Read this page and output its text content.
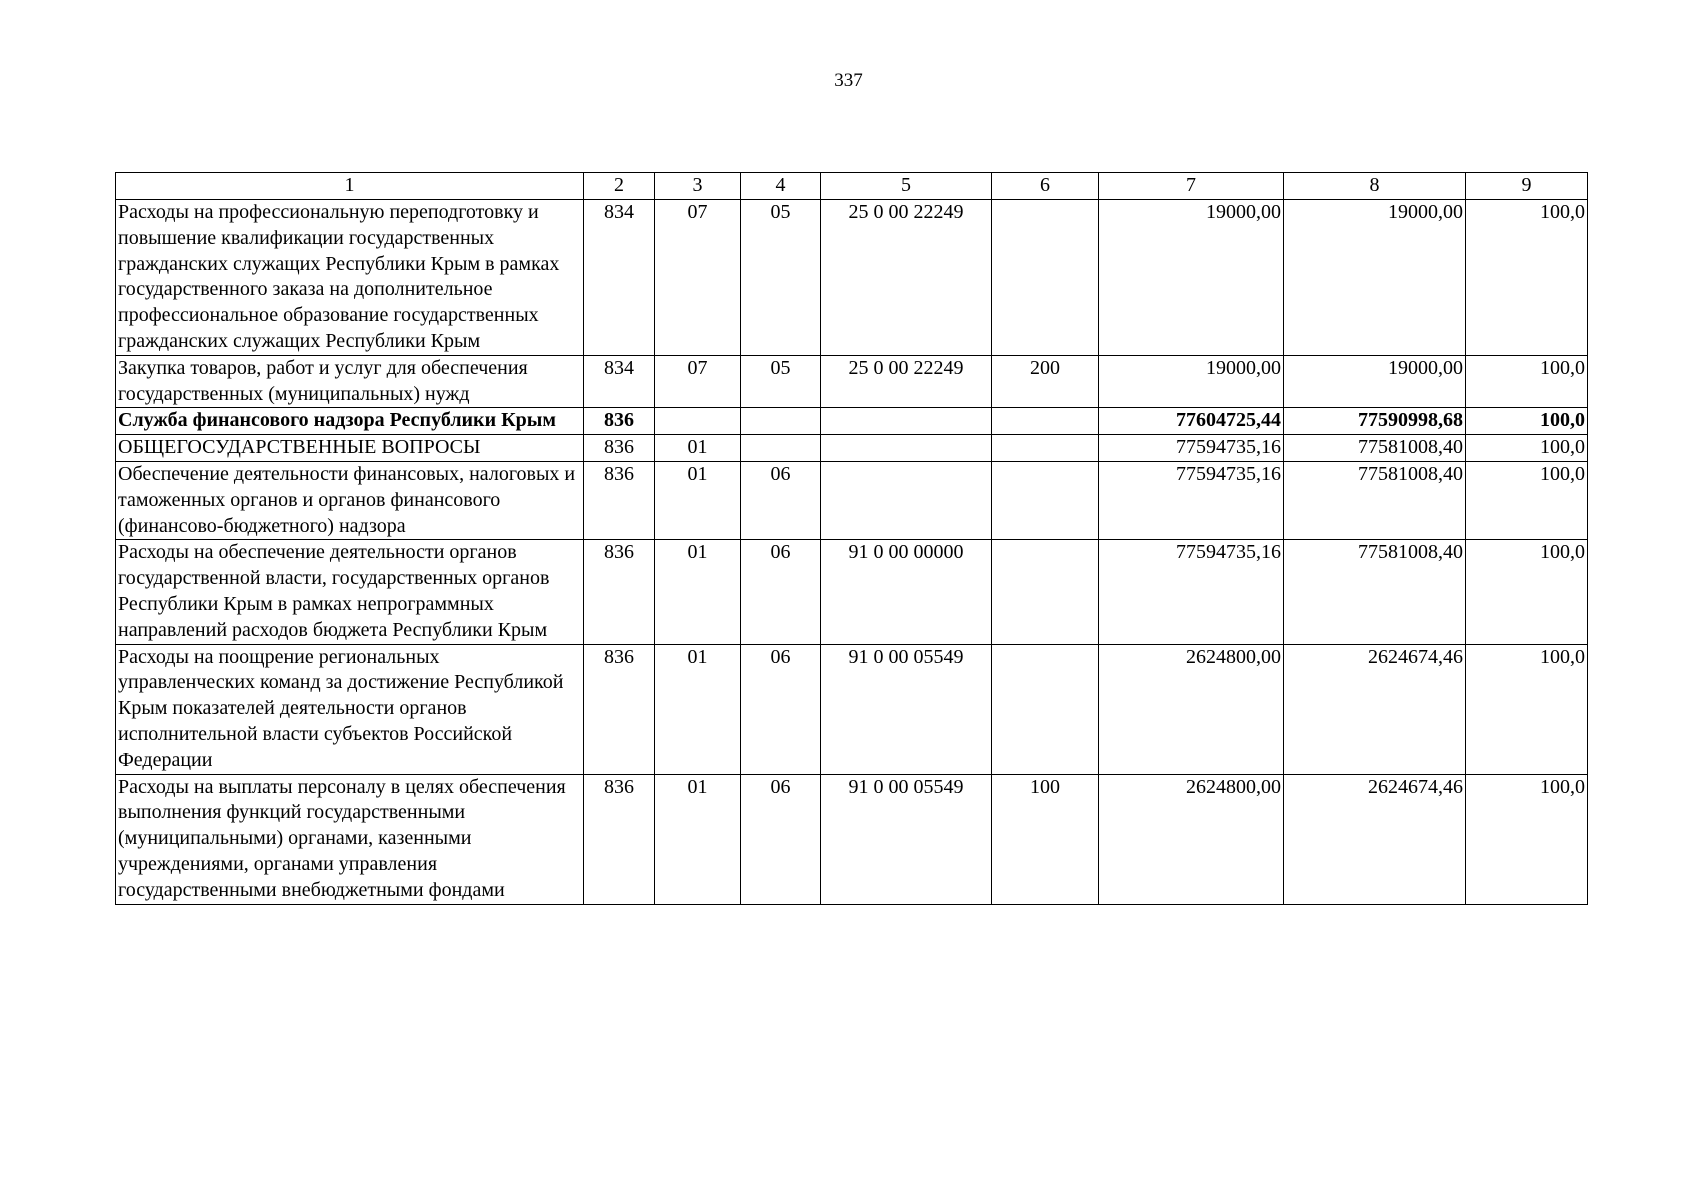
337
1	2	3	4	5	6	7	8	9
Расходы на профессиональную переподготовку и повышение квалификации государственных гражданских служащих Республики Крым в рамках государственного заказа на дополнительное профессиональное образование государственных гражданских служащих Республики Крым	834	07	05	25 0 00 22249		19000,00	19000,00	100,0
Закупка товаров, работ и услуг для обеспечения государственных (муниципальных) нужд	834	07	05	25 0 00 22249	200	19000,00	19000,00	100,0
Служба финансового надзора Республики Крым	836					77604725,44	77590998,68	100,0
ОБЩЕГОСУДАРСТВЕННЫЕ ВОПРОСЫ	836	01				77594735,16	77581008,40	100,0
Обеспечение деятельности финансовых, налоговых и таможенных органов и органов финансового (финансово-бюджетного) надзора	836	01	06			77594735,16	77581008,40	100,0
Расходы на обеспечение деятельности органов государственной власти, государственных органов Республики Крым в рамках непрограммных направлений расходов бюджета Республики Крым	836	01	06	91 0 00 00000		77594735,16	77581008,40	100,0
Расходы на поощрение региональных управленческих команд за достижение Республикой Крым показателей деятельности органов исполнительной власти субъектов Российской Федерации	836	01	06	91 0 00 05549		2624800,00	2624674,46	100,0
Расходы на выплаты персоналу в целях обеспечения выполнения функций государственными (муниципальными) органами, казенными учреждениями, органами управления государственными внебюджетными фондами	836	01	06	91 0 00 05549	100	2624800,00	2624674,46	100,0
